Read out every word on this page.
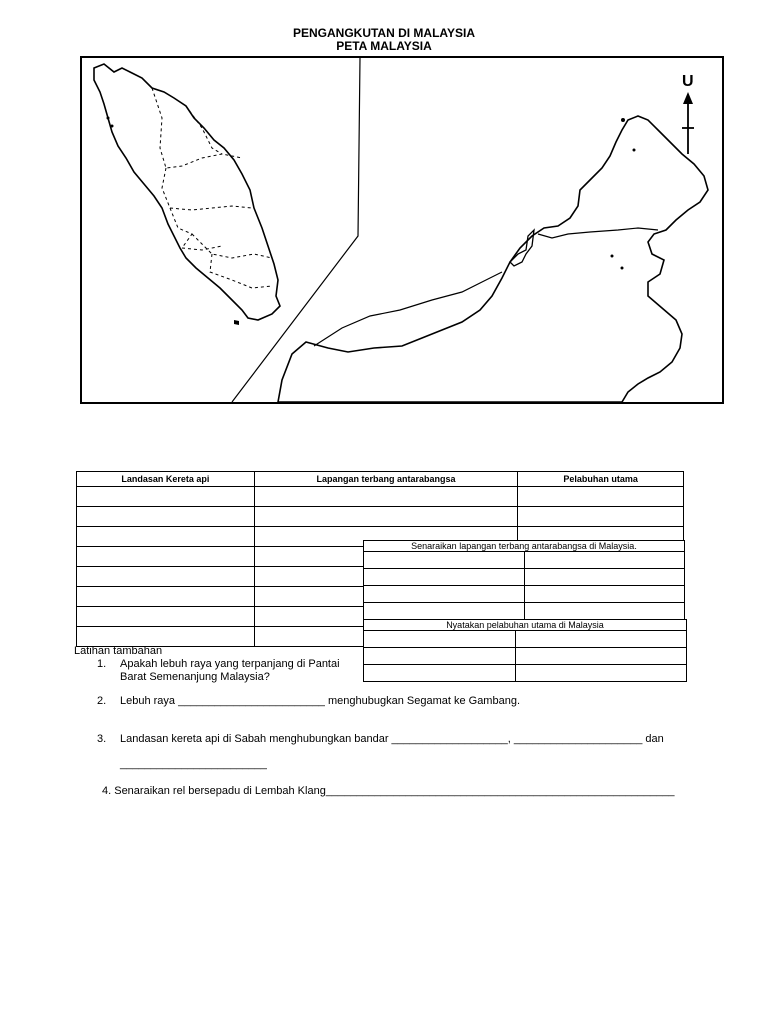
PENGANGKUTAN DI MALAYSIA
PETA MALAYSIA
U
Landasan Kereta api	Lapangan terbang antarabangsa	Pelabuhan utama

Senaraikan lapangan terbang antarabangsa di Malaysia.	

Nyatakan pelabuhan utama di Malaysia	

Latihan tambahan
1. Apakah lebuh raya yang terpanjang di Pantai
Barat Semenanjung Malaysia?
2. Lebuh raya ________________________ menghubugkan Segamat ke Gambang.
3. Landasan kereta api di Sabah menghubungkan bandar ___________________, _____________________ dan
________________________
4. Senaraikan rel bersepadu di Lembah Klang_________________________________________________________
